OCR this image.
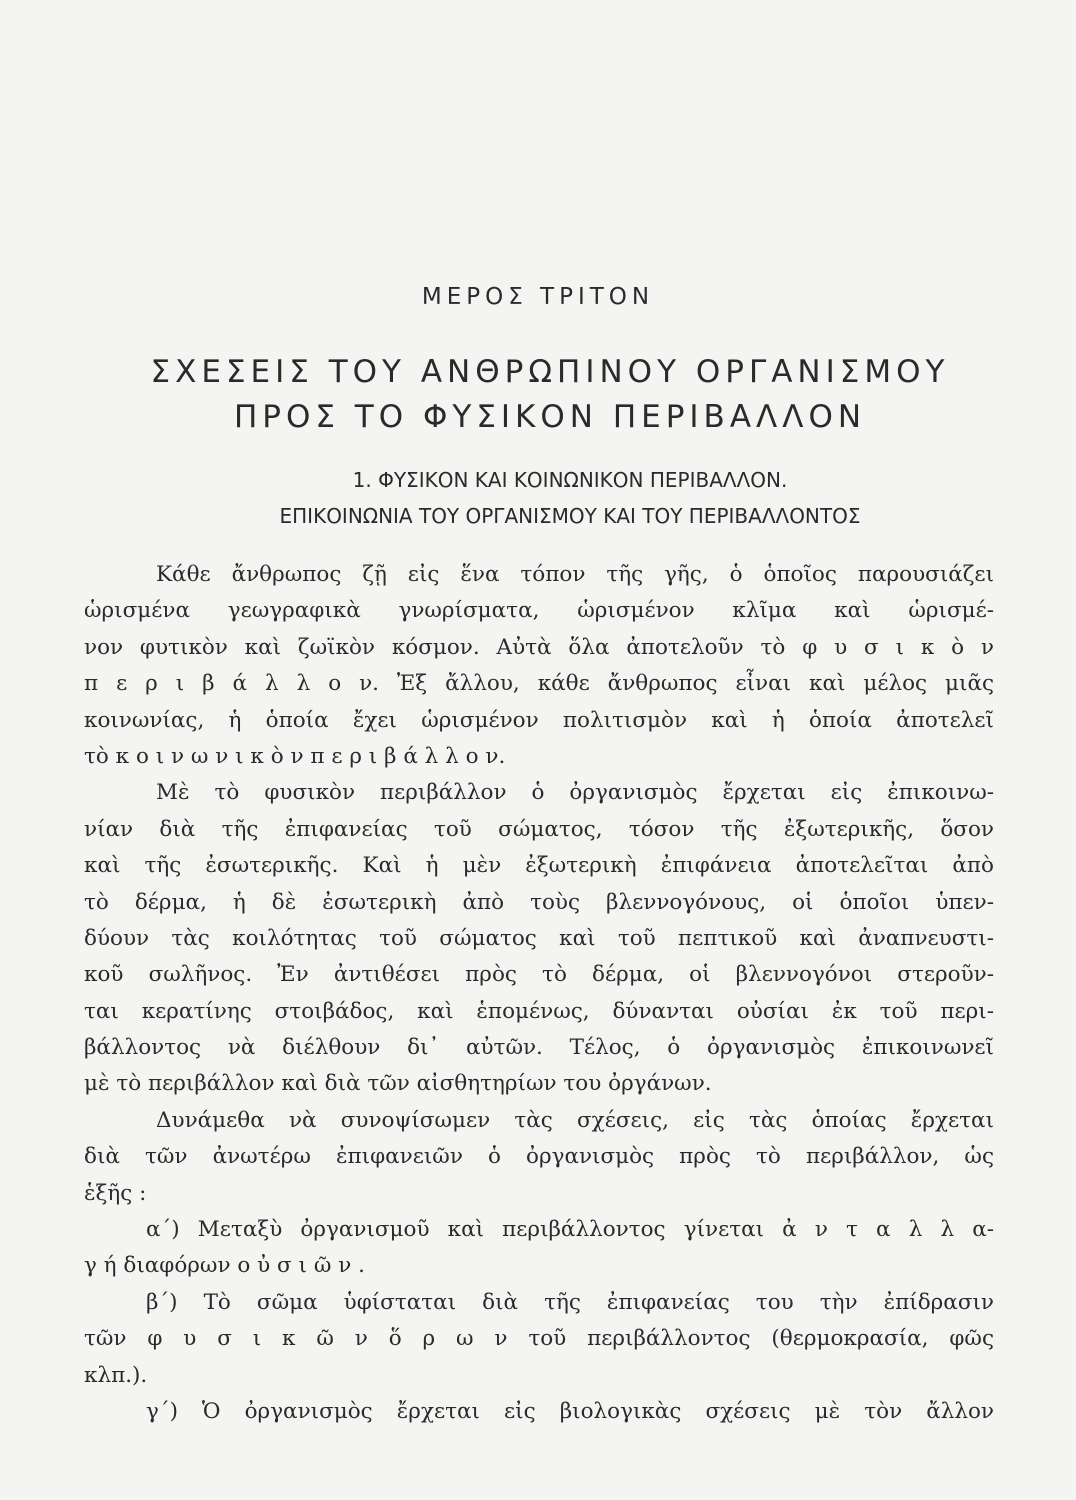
ΜΕΡΟΣ ΤΡΙΤΟΝ
ΣΧΕΣΕΙΣ ΤΟΥ ΑΝΘΡΩΠΙΝΟΥ ΟΡΓΑΝΙΣΜΟΥ
ΠΡΟΣ ΤΟ ΦΥΣΙΚΟΝ ΠΕΡΙΒΑΛΛΟΝ
1. ΦΥΣΙΚΟΝ ΚΑΙ ΚΟΙΝΩΝΙΚΟΝ ΠΕΡΙΒΑΛΛΟΝ.
ΕΠΙΚΟΙΝΩΝΙΑ ΤΟΥ ΟΡΓΑΝΙΣΜΟΥ ΚΑΙ ΤΟΥ ΠΕΡΙΒΑΛΛΟΝΤΟΣ
Κάθε ἄνθρωπος ζῇ εἰς ἕνα τόπον τῆς γῆς, ὁ ὁποῖος παρουσιάζει
ὡρισμένα γεωγραφικὰ γνωρίσματα, ὡρισμένον κλῖμα καὶ ὡρισμέ-
νον φυτικὸν καὶ ζωϊκὸν κόσμον. Αὐτὰ ὅλα ἀποτελοῦν τὸ φ υ σ ι κ ὸ ν
π ε ρ ι β ά λ λ ο ν. Ἐξ ἄλλου, κάθε ἄνθρωπος εἶναι καὶ μέλος μιᾶς
κοινωνίας, ἡ ὁποία ἔχει ὡρισμένον πολιτισμὸν καὶ ἡ ὁποία ἀποτελεῖ
τὸ κ ο ι ν ω ν ι κ ὸ ν π ε ρ ι β ά λ λ ο ν.
Μὲ τὸ φυσικὸν περιβάλλον ὁ ὀργανισμὸς ἔρχεται εἰς ἐπικοινω-
νίαν διὰ τῆς ἐπιφανείας τοῦ σώματος, τόσον τῆς ἐξωτερικῆς, ὅσον
καὶ τῆς ἐσωτερικῆς. Καὶ ἡ μὲν ἐξωτερικὴ ἐπιφάνεια ἀποτελεῖται ἀπὸ
τὸ δέρμα, ἡ δὲ ἐσωτερικὴ ἀπὸ τοὺς βλεννογόνους, οἱ ὁποῖοι ὑπεν-
δύουν τὰς κοιλότητας τοῦ σώματος καὶ τοῦ πεπτικοῦ καὶ ἀναπνευστι-
κοῦ σωλῆνος. Ἐν ἀντιθέσει πρὸς τὸ δέρμα, οἱ βλεννογόνοι στεροῦν-
ται κερατίνης στοιβάδος, καὶ ἑπομένως, δύνανται οὐσίαι ἐκ τοῦ περι-
βάλλοντος νὰ διέλθουν δι᾿ αὐτῶν. Τέλος, ὁ ὀργανισμὸς ἐπικοινωνεῖ
μὲ τὸ περιβάλλον καὶ διὰ τῶν αἰσθητηρίων του ὀργάνων.
Δυνάμεθα νὰ συνοψίσωμεν τὰς σχέσεις, εἰς τὰς ὁποίας ἔρχεται
διὰ τῶν ἀνωτέρω ἐπιφανειῶν ὁ ὀργανισμὸς πρὸς τὸ περιβάλλον, ὡς
ἑξῆς :
α΄) Μεταξὺ ὀργανισμοῦ καὶ περιβάλλοντος γίνεται ἀ ν τ α λ λ α-
γ ή διαφόρων ο ὐ σ ι ῶ ν .
β΄) Τὸ σῶμα ὑφίσταται διὰ τῆς ἐπιφανείας του τὴν ἐπίδρασιν
τῶν φ υ σ ι κ ῶ ν ὅ ρ ω ν τοῦ περιβάλλοντος (θερμοκρασία, φῶς
κλπ.).
γ΄) Ὁ ὀργανισμὸς ἔρχεται εἰς βιολογικὰς σχέσεις μὲ τὸν ἄλλον
